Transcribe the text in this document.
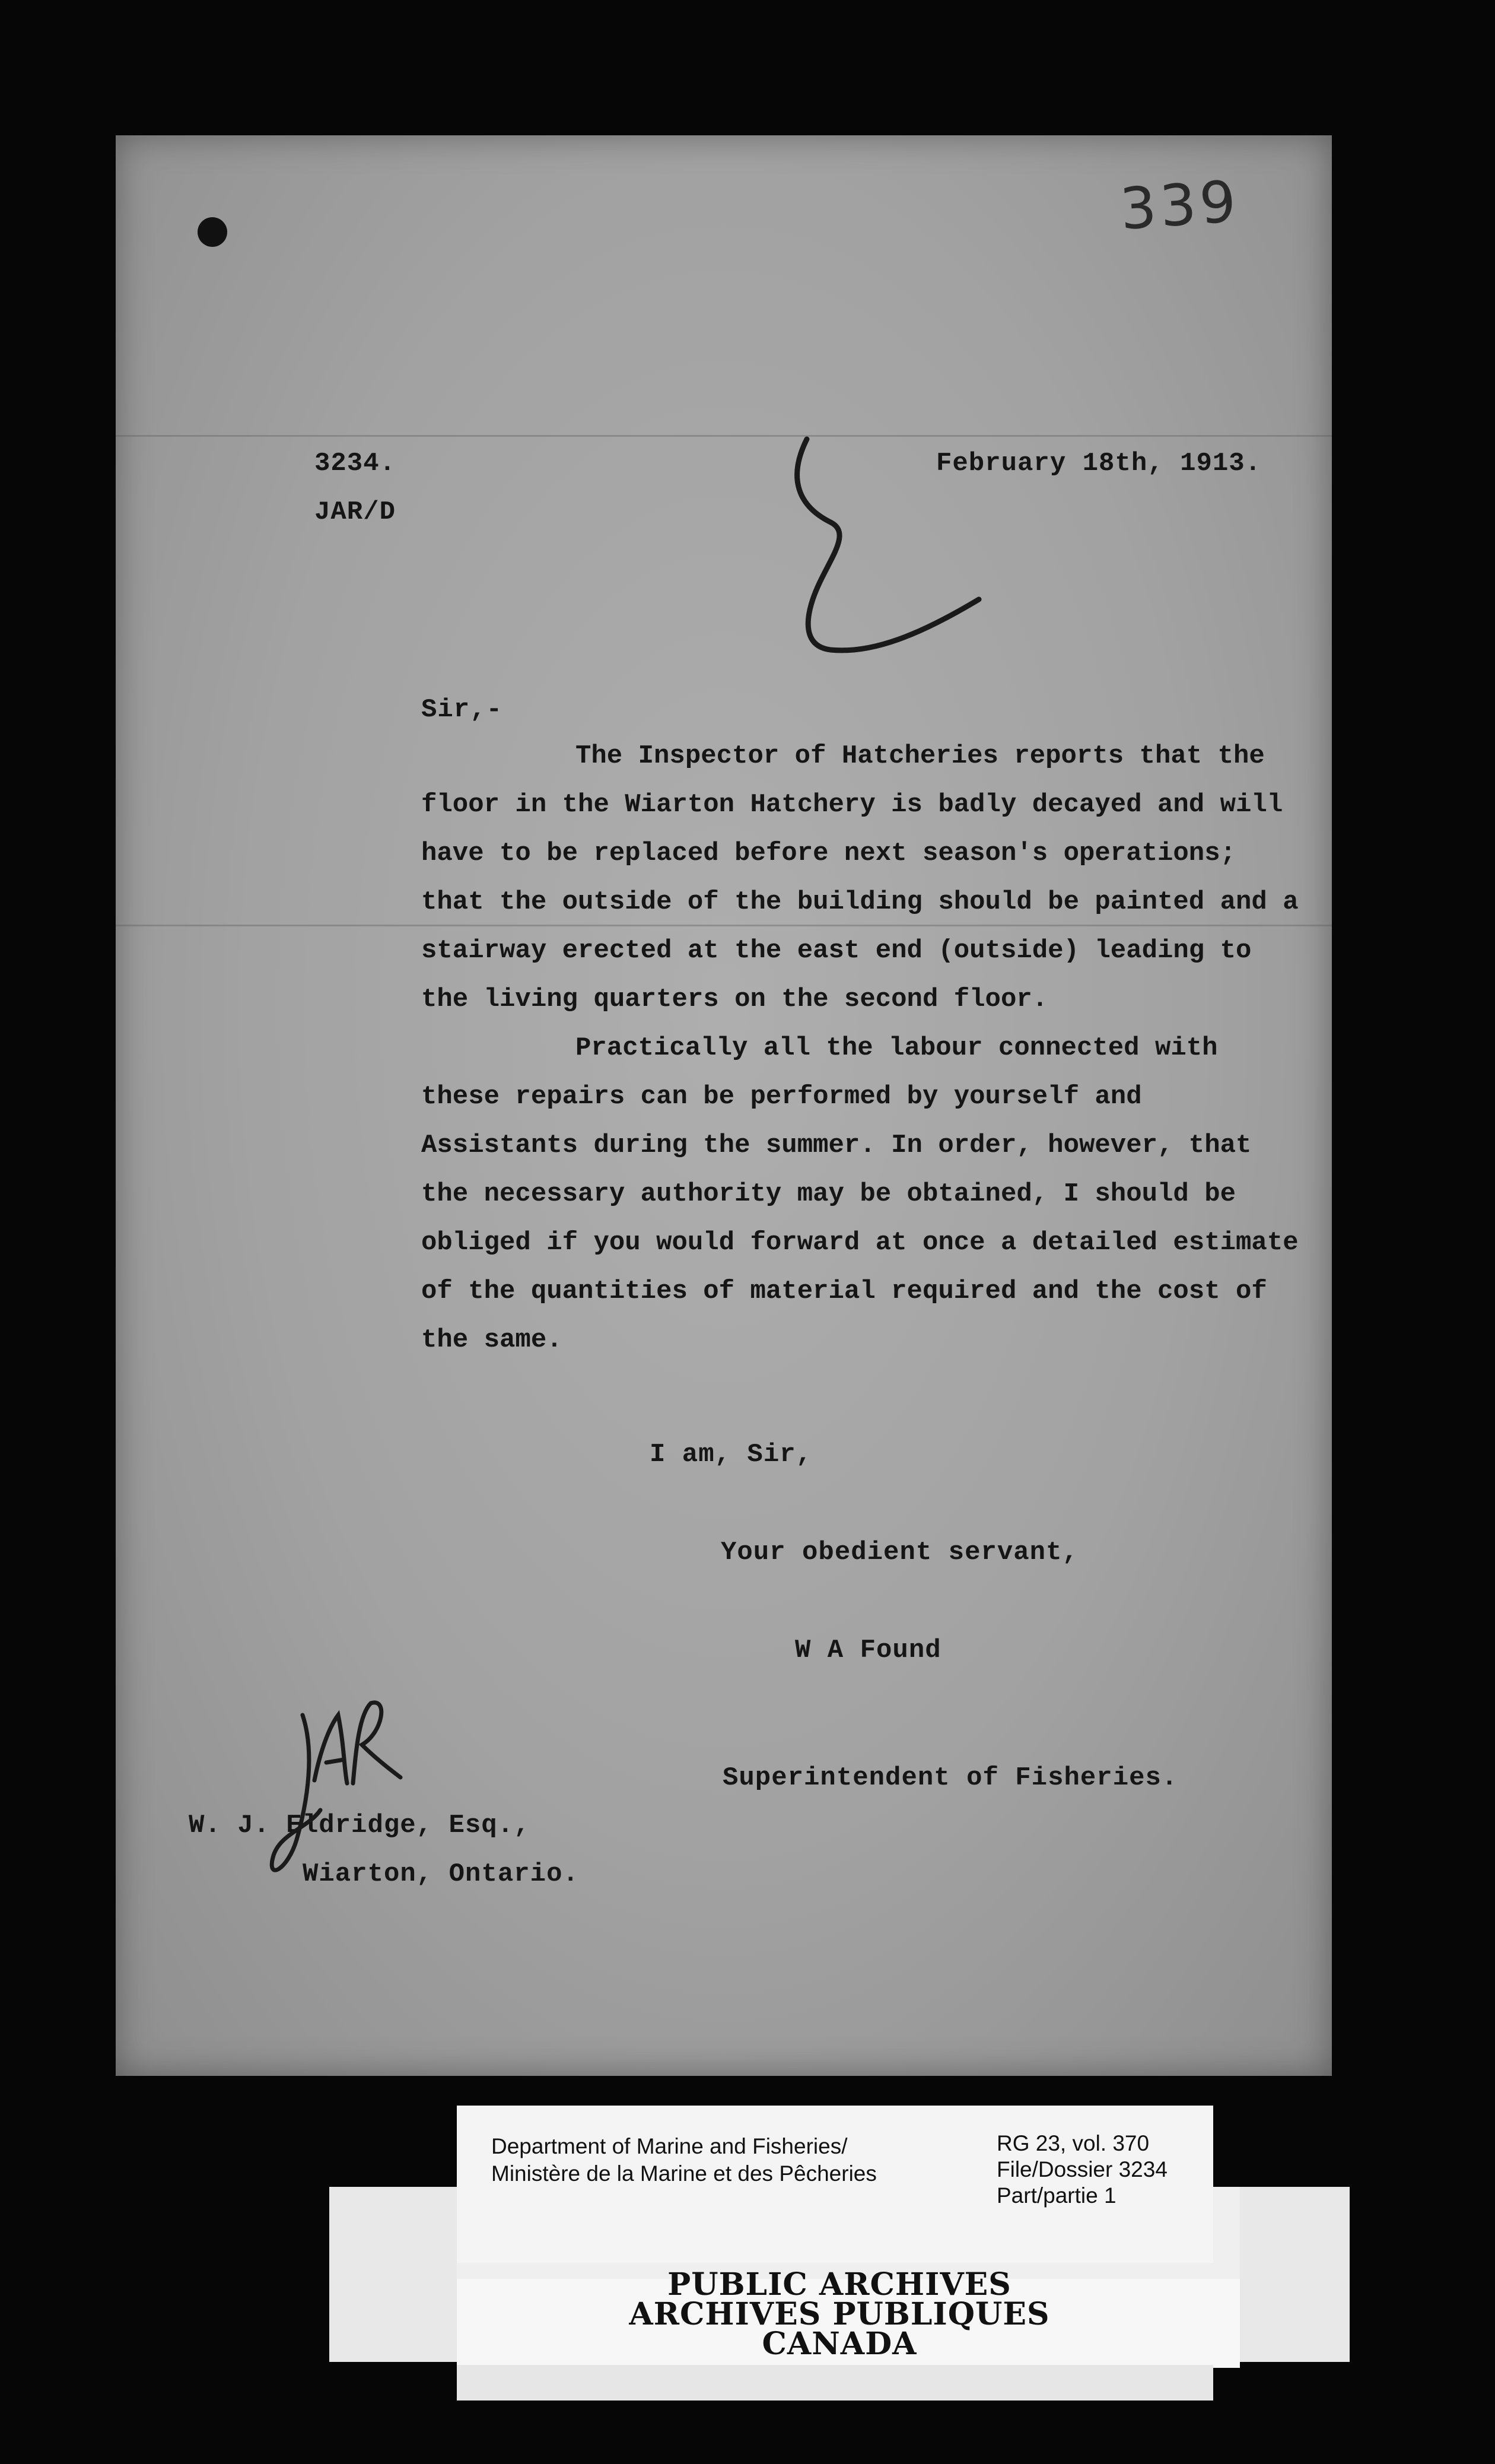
339
3234.
JAR/D
February 18th, 1913.
Sir,-

The Inspector of Hatcheries reports that the floor in the Wiarton Hatchery is badly decayed and will have to be replaced before next season's operations; that the outside of the building should be painted and a stairway erected at the east end (outside) leading to the living quarters on the second floor.

Practically all the labour connected with these repairs can be performed by yourself and Assistants during the summer. In order, however, that the necessary authority may be obtained, I should be obliged if you would forward at once a detailed estimate of the quantities of material required and the cost of the same.

I am, Sir,
Your obedient servant,
W A Found
Superintendent of Fisheries.
W. J. Eldridge, Esq.,
Wiarton, Ontario.
PUBLIC ARCHIVES
ARCHIVES PUBLIQUES
CANADA
Department of Marine and Fisheries/
Ministère de la Marine et des Pêcheries
RG 23, vol. 370
File/Dossier 3234
Part/partie 1
